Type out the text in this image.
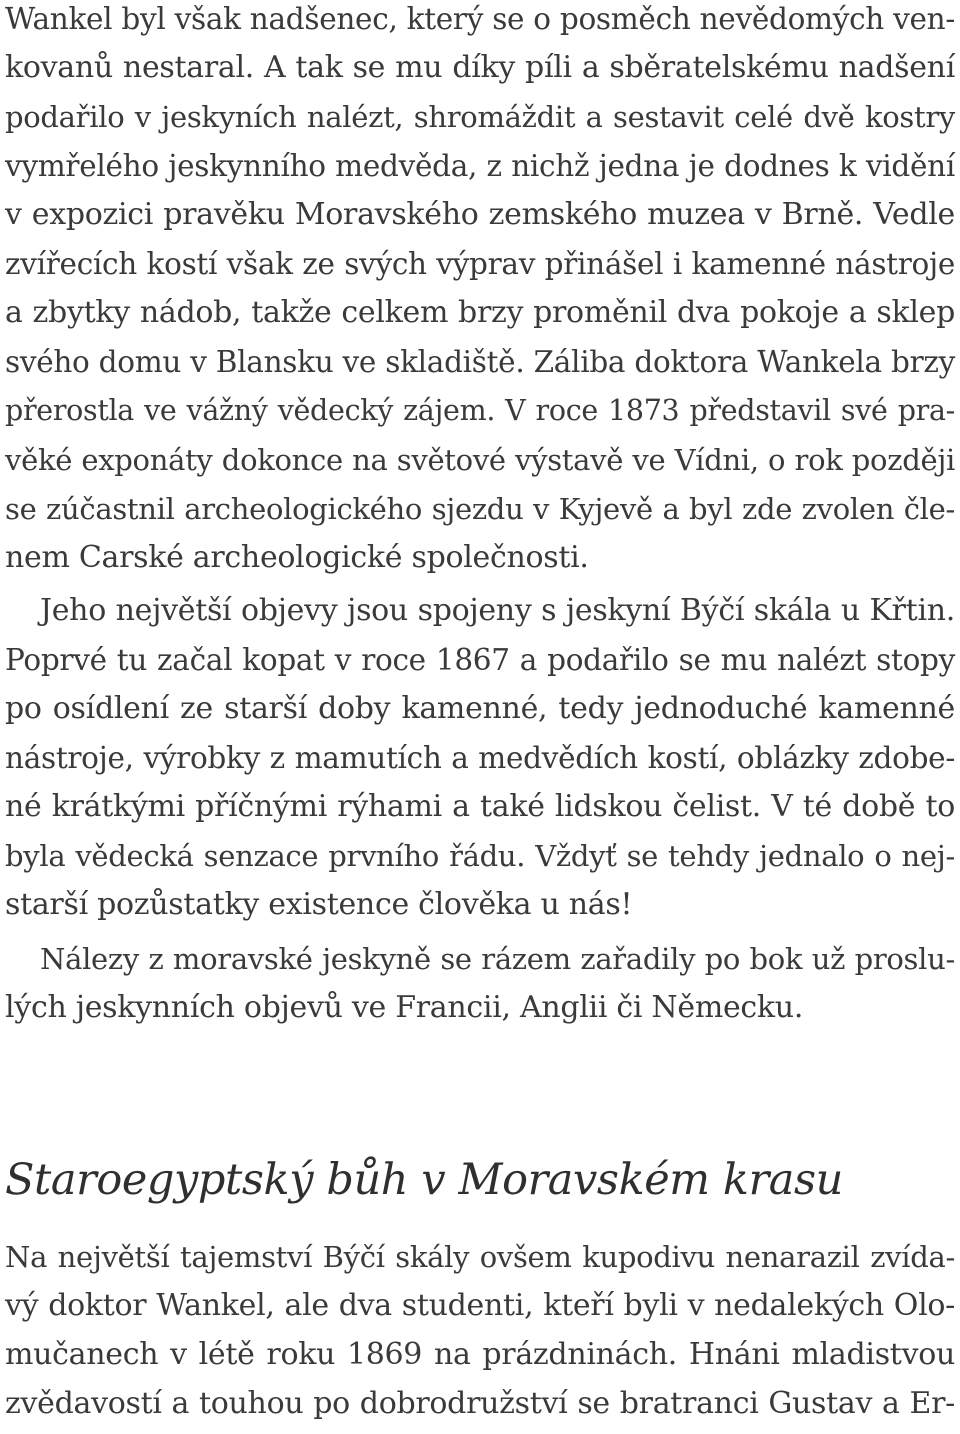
Wankel byl však nadšenec, který se o posměch nevědomých ven-
kovanů nestaral. A tak se mu díky píli a sběratelskému nadšení
podařilo v jeskyních nalézt, shromáždit a sestavit celé dvě kostry
vymřelého jeskynního medvěda, z nichž jedna je dodnes k vidění
v expozici pravěku Moravského zemského muzea v Brně. Vedle
zvířecích kostí však ze svých výprav přinášel i kamenné nástroje
a zbytky nádob, takže celkem brzy proměnil dva pokoje a sklep
svého domu v Blansku ve skladiště. Záliba doktora Wankela brzy
přerostla ve vážný vědecký zájem. V roce 1873 představil své pra-
věké exponáty dokonce na světové výstavě ve Vídni, o rok později
se zúčastnil archeologického sjezdu v Kyjevě a byl zde zvolen čle-
nem Carské archeologické společnosti.
Jeho největší objevy jsou spojeny s jeskyní Býčí skála u Křtin.
Poprvé tu začal kopat v roce 1867 a podařilo se mu nalézt stopy
po osídlení ze starší doby kamenné, tedy jednoduché kamenné
nástroje, výrobky z mamutích a medvědích kostí, oblázky zdobe-
né krátkými příčnými rýhami a také lidskou čelist. V té době to
byla vědecká senzace prvního řádu. Vždyť se tehdy jednalo o nej-
starší pozůstatky existence člověka u nás!
Nálezy z moravské jeskyně se rázem zařadily po bok už proslu-
lých jeskynních objevů ve Francii, Anglii či Německu.
Staroegyptský bůh v Moravském krasu
Na největší tajemství Býčí skály ovšem kupodivu nenarazil zvída-
vý doktor Wankel, ale dva studenti, kteří byli v nedalekých Olo-
mučanech v létě roku 1869 na prázdninách. Hnáni mladistvou
zvědavostí a touhou po dobrodružství se bratranci Gustav a Er-
